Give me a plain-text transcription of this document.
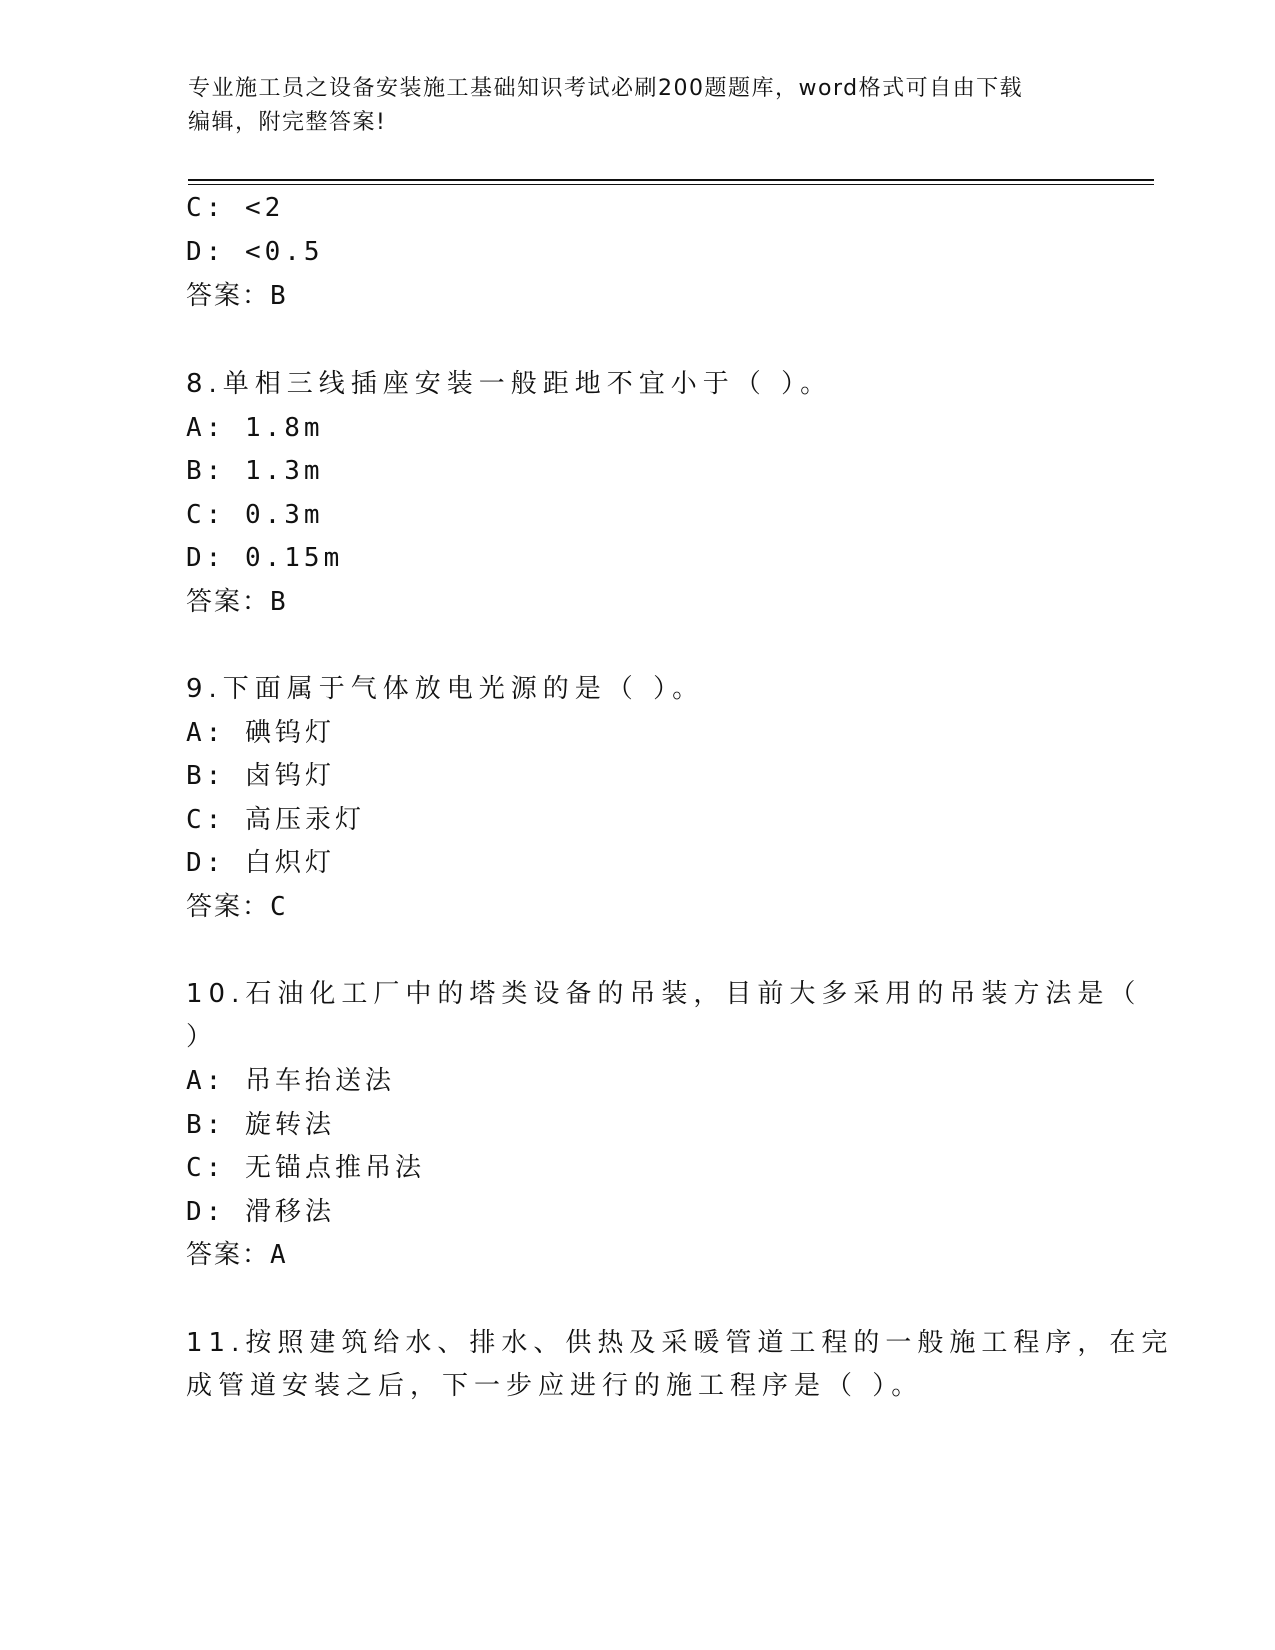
专业施工员之设备安装施工基础知识考试必刷200题题库，word格式可自由下载
编辑，附完整答案!
C: <2
D: <0.5
答案：B
8.单相三线插座安装一般距地不宜小于（ ）。
A: 1.8m
B: 1.3m
C: 0.3m
D: 0.15m
答案：B
9.下面属于气体放电光源的是（ ）。
A: 碘钨灯
B: 卤钨灯
C: 高压汞灯
D: 白炽灯
答案：C
10.石油化工厂中的塔类设备的吊装，目前大多采用的吊装方法是（
）
A: 吊车抬送法
B: 旋转法
C: 无锚点推吊法
D: 滑移法
答案：A
11.按照建筑给水、排水、供热及采暖管道工程的一般施工程序，在完
成管道安装之后，下一步应进行的施工程序是（ ）。
